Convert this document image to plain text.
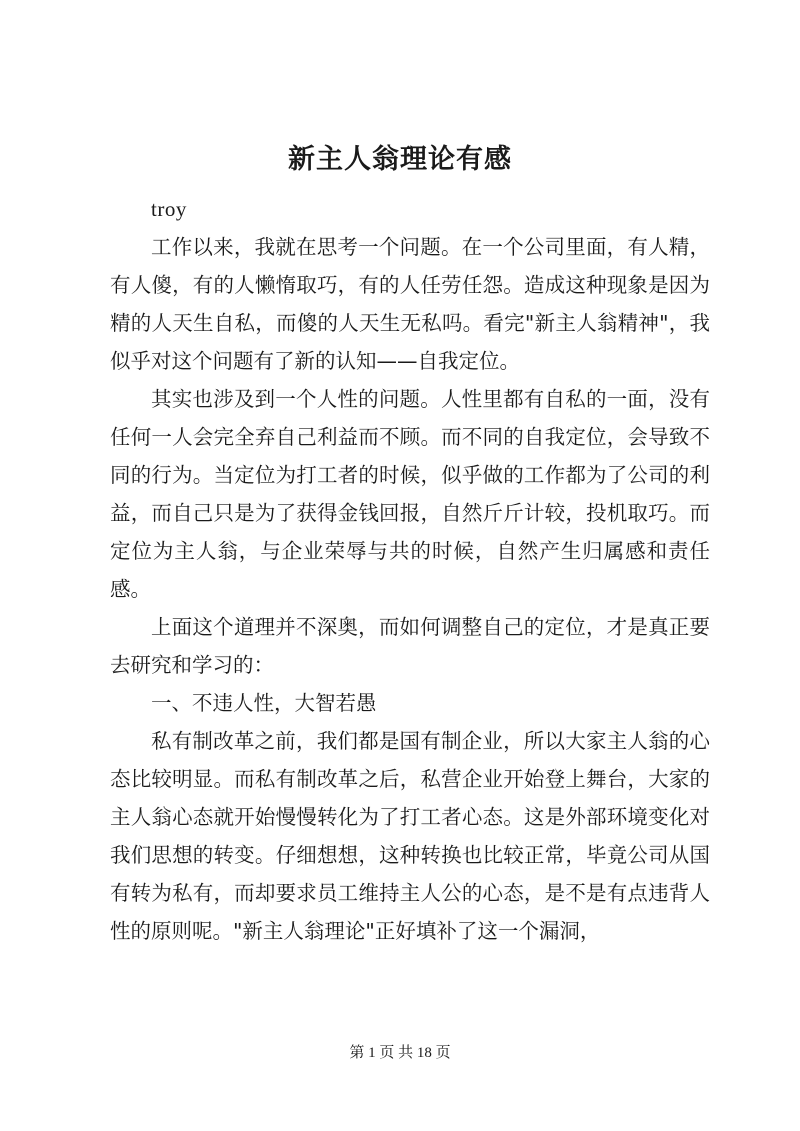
新主人翁理论有感

troy

工作以来，我就在思考一个问题。在一个公司里面，有人精，有人傻，有的人懒惰取巧，有的人任劳任怨。造成这种现象是因为精的人天生自私，而傻的人天生无私吗。看完"新主人翁精神"，我似乎对这个问题有了新的认知——自我定位。

其实也涉及到一个人性的问题。人性里都有自私的一面，没有任何一人会完全弃自己利益而不顾。而不同的自我定位，会导致不同的行为。当定位为打工者的时候，似乎做的工作都为了公司的利益，而自己只是为了获得金钱回报，自然斤斤计较，投机取巧。而定位为主人翁，与企业荣辱与共的时候，自然产生归属感和责任感。

上面这个道理并不深奥，而如何调整自己的定位，才是真正要去研究和学习的：

一、不违人性，大智若愚

私有制改革之前，我们都是国有制企业，所以大家主人翁的心态比较明显。而私有制改革之后，私营企业开始登上舞台，大家的主人翁心态就开始慢慢转化为了打工者心态。这是外部环境变化对我们思想的转变。仔细想想，这种转换也比较正常，毕竟公司从国有转为私有，而却要求员工维持主人公的心态，是不是有点违背人性的原则呢。"新主人翁理论"正好填补了这一个漏洞，

第 1 页 共 18 页
